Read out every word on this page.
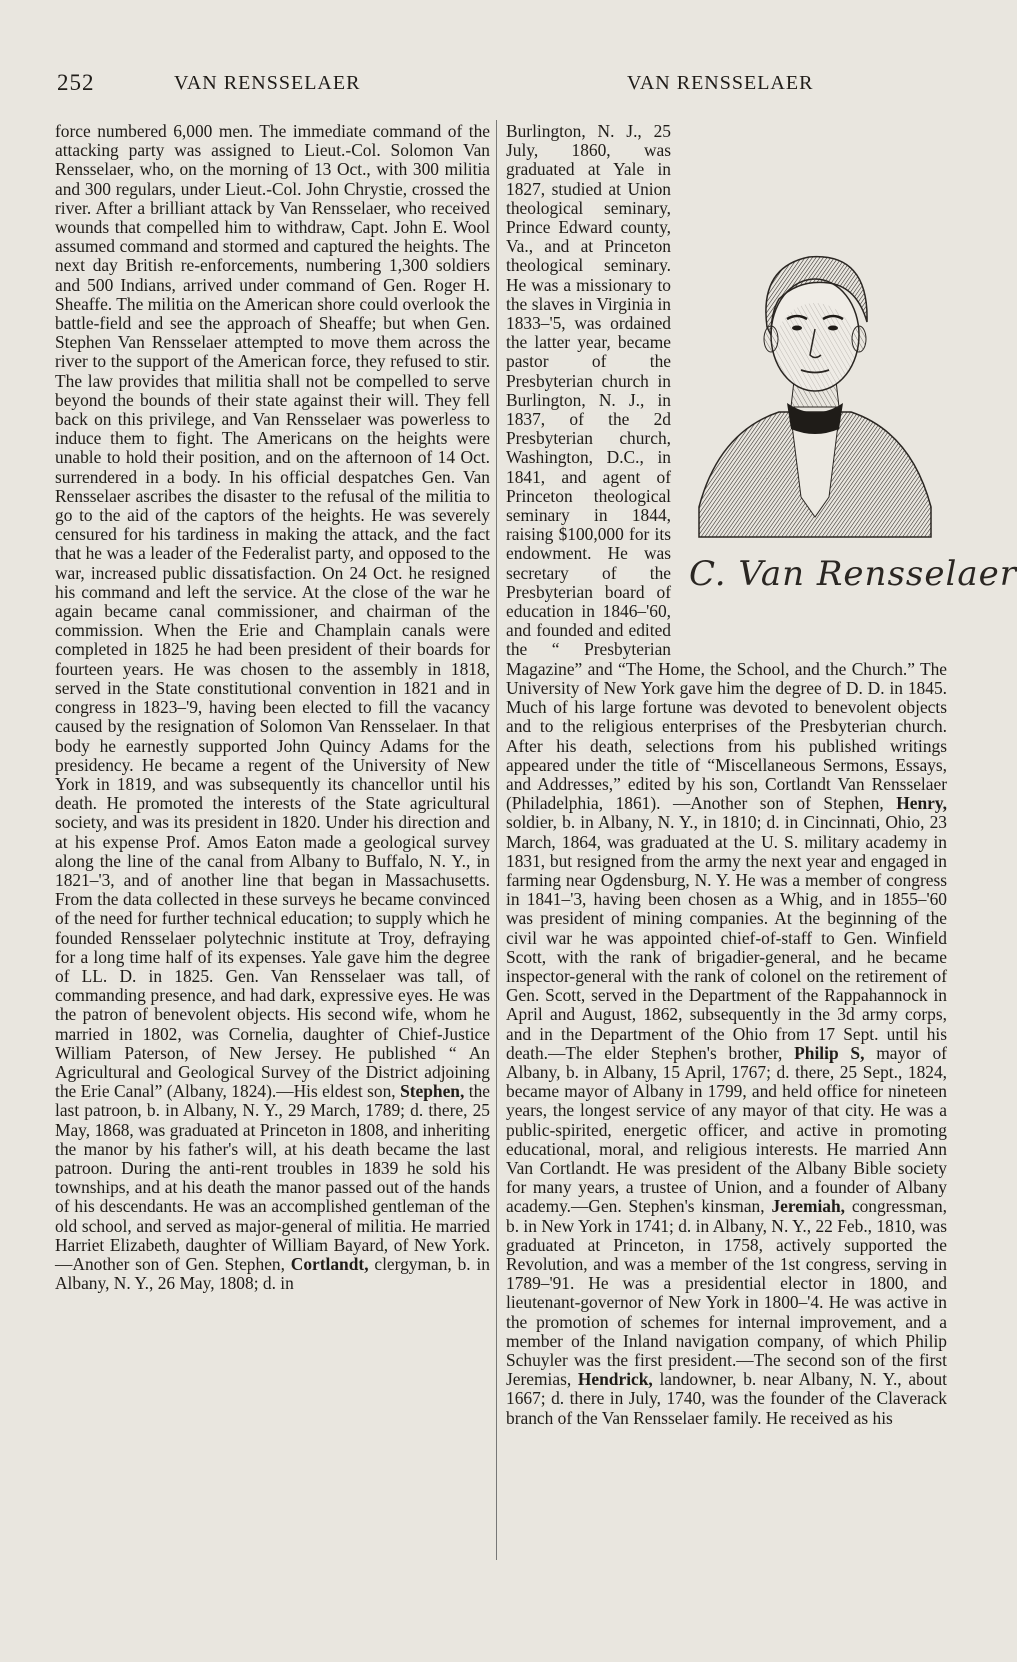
252	VAN RENSSELAER	VAN RENSSELAER

force numbered 6,000 men. The immediate command of the attacking party was assigned to Lieut.-Col. Solomon Van Rensselaer, who, on the morning of 13 Oct., with 300 militia and 300 regulars, under Lieut.-Col. John Chrystie, crossed the river. After a brilliant attack by Van Rensselaer, who received wounds that compelled him to withdraw, Capt. John E. Wool assumed command and stormed and captured the heights. The next day British re-enforcements, numbering 1,300 soldiers and 500 Indians, arrived under command of Gen. Roger H. Sheaffe. The militia on the American shore could overlook the battle-field and see the approach of Sheaffe; but when Gen. Stephen Van Rensselaer attempted to move them across the river to the support of the American force, they refused to stir. The law provides that militia shall not be compelled to serve beyond the bounds of their state against their will. They fell back on this privilege, and Van Rensselaer was powerless to induce them to fight. The Americans on the heights were unable to hold their position, and on the afternoon of 14 Oct. surrendered in a body. In his official despatches Gen. Van Rensselaer ascribes the disaster to the refusal of the militia to go to the aid of the captors of the heights. He was severely censured for his tardiness in making the attack, and the fact that he was a leader of the Federalist party, and opposed to the war, increased public dissatisfaction. On 24 Oct. he resigned his command and left the service. At the close of the war he again became canal commissioner, and chairman of the commission. When the Erie and Champlain canals were completed in 1825 he had been president of their boards for fourteen years. He was chosen to the assembly in 1818, served in the State constitutional convention in 1821 and in congress in 1823–'9, having been elected to fill the vacancy caused by the resignation of Solomon Van Rensselaer. In that body he earnestly supported John Quincy Adams for the presidency. He became a regent of the University of New York in 1819, and was subsequently its chancellor until his death. He promoted the interests of the State agricultural society, and was its president in 1820. Under his direction and at his expense Prof. Amos Eaton made a geological survey along the line of the canal from Albany to Buffalo, N. Y., in 1821–'3, and of another line that began in Massachusetts. From the data collected in these surveys he became convinced of the need for further technical education; to supply which he founded Rensselaer polytechnic institute at Troy, defraying for a long time half of its expenses. Yale gave him the degree of LL. D. in 1825. Gen. Van Rensselaer was tall, of commanding presence, and had dark, expressive eyes. He was the patron of benevolent objects. His second wife, whom he married in 1802, was Cornelia, daughter of Chief-Justice William Paterson, of New Jersey. He published “ An Agricultural and Geological Survey of the District adjoining the Erie Canal” (Albany, 1824).—His eldest son, Stephen, the last patroon, b. in Albany, N. Y., 29 March, 1789; d. there, 25 May, 1868, was graduated at Princeton in 1808, and inheriting the manor by his father's will, at his death became the last patroon. During the anti-rent troubles in 1839 he sold his townships, and at his death the manor passed out of the hands of his descendants. He was an accomplished gentleman of the old school, and served as major-general of militia. He married Harriet Elizabeth, daughter of William Bayard, of New York. —Another son of Gen. Stephen, Cortlandt, clergyman, b. in Albany, N. Y., 26 May, 1808; d. in

C. Van Rensselaer

Burlington, N. J., 25 July, 1860, was graduated at Yale in 1827, studied at Union theological seminary, Prince Edward county, Va., and at Princeton theological seminary. He was a missionary to the slaves in Virginia in 1833–'5, was ordained the latter year, became pastor of the Presbyterian church in Burlington, N. J., in 1837, of the 2d Presbyterian church, Washington, D.C., in 1841, and agent of Princeton theological seminary in 1844, raising $100,000 for its endowment. He was secretary of the Presbyterian board of education in 1846–'60, and founded and edited the “ Presbyterian Magazine” and “The Home, the School, and the Church.” The University of New York gave him the degree of D. D. in 1845. Much of his large fortune was devoted to benevolent objects and to the religious enterprises of the Presbyterian church. After his death, selections from his published writings appeared under the title of “Miscellaneous Sermons, Essays, and Addresses,” edited by his son, Cortlandt Van Rensselaer (Philadelphia, 1861). —Another son of Stephen, Henry, soldier, b. in Albany, N. Y., in 1810; d. in Cincinnati, Ohio, 23 March, 1864, was graduated at the U. S. military academy in 1831, but resigned from the army the next year and engaged in farming near Ogdensburg, N. Y. He was a member of congress in 1841–'3, having been chosen as a Whig, and in 1855–'60 was president of mining companies. At the beginning of the civil war he was appointed chief-of-staff to Gen. Winfield Scott, with the rank of brigadier-general, and he became inspector-general with the rank of colonel on the retirement of Gen. Scott, served in the Department of the Rappahannock in April and August, 1862, subsequently in the 3d army corps, and in the Department of the Ohio from 17 Sept. until his death.—The elder Stephen's brother, Philip S, mayor of Albany, b. in Albany, 15 April, 1767; d. there, 25 Sept., 1824, became mayor of Albany in 1799, and held office for nineteen years, the longest service of any mayor of that city. He was a public-spirited, energetic officer, and active in promoting educational, moral, and religious interests. He married Ann Van Cortlandt. He was president of the Albany Bible society for many years, a trustee of Union, and a founder of Albany academy.—Gen. Stephen's kinsman, Jeremiah, congressman, b. in New York in 1741; d. in Albany, N. Y., 22 Feb., 1810, was graduated at Princeton, in 1758, actively supported the Revolution, and was a member of the 1st congress, serving in 1789–'91. He was a presidential elector in 1800, and lieutenant-governor of New York in 1800–'4. He was active in the promotion of schemes for internal improvement, and a member of the Inland navigation company, of which Philip Schuyler was the first president.—The second son of the first Jeremias, Hendrick, landowner, b. near Albany, N. Y., about 1667; d. there in July, 1740, was the founder of the Claverack branch of the Van Rensselaer family. He received as his
